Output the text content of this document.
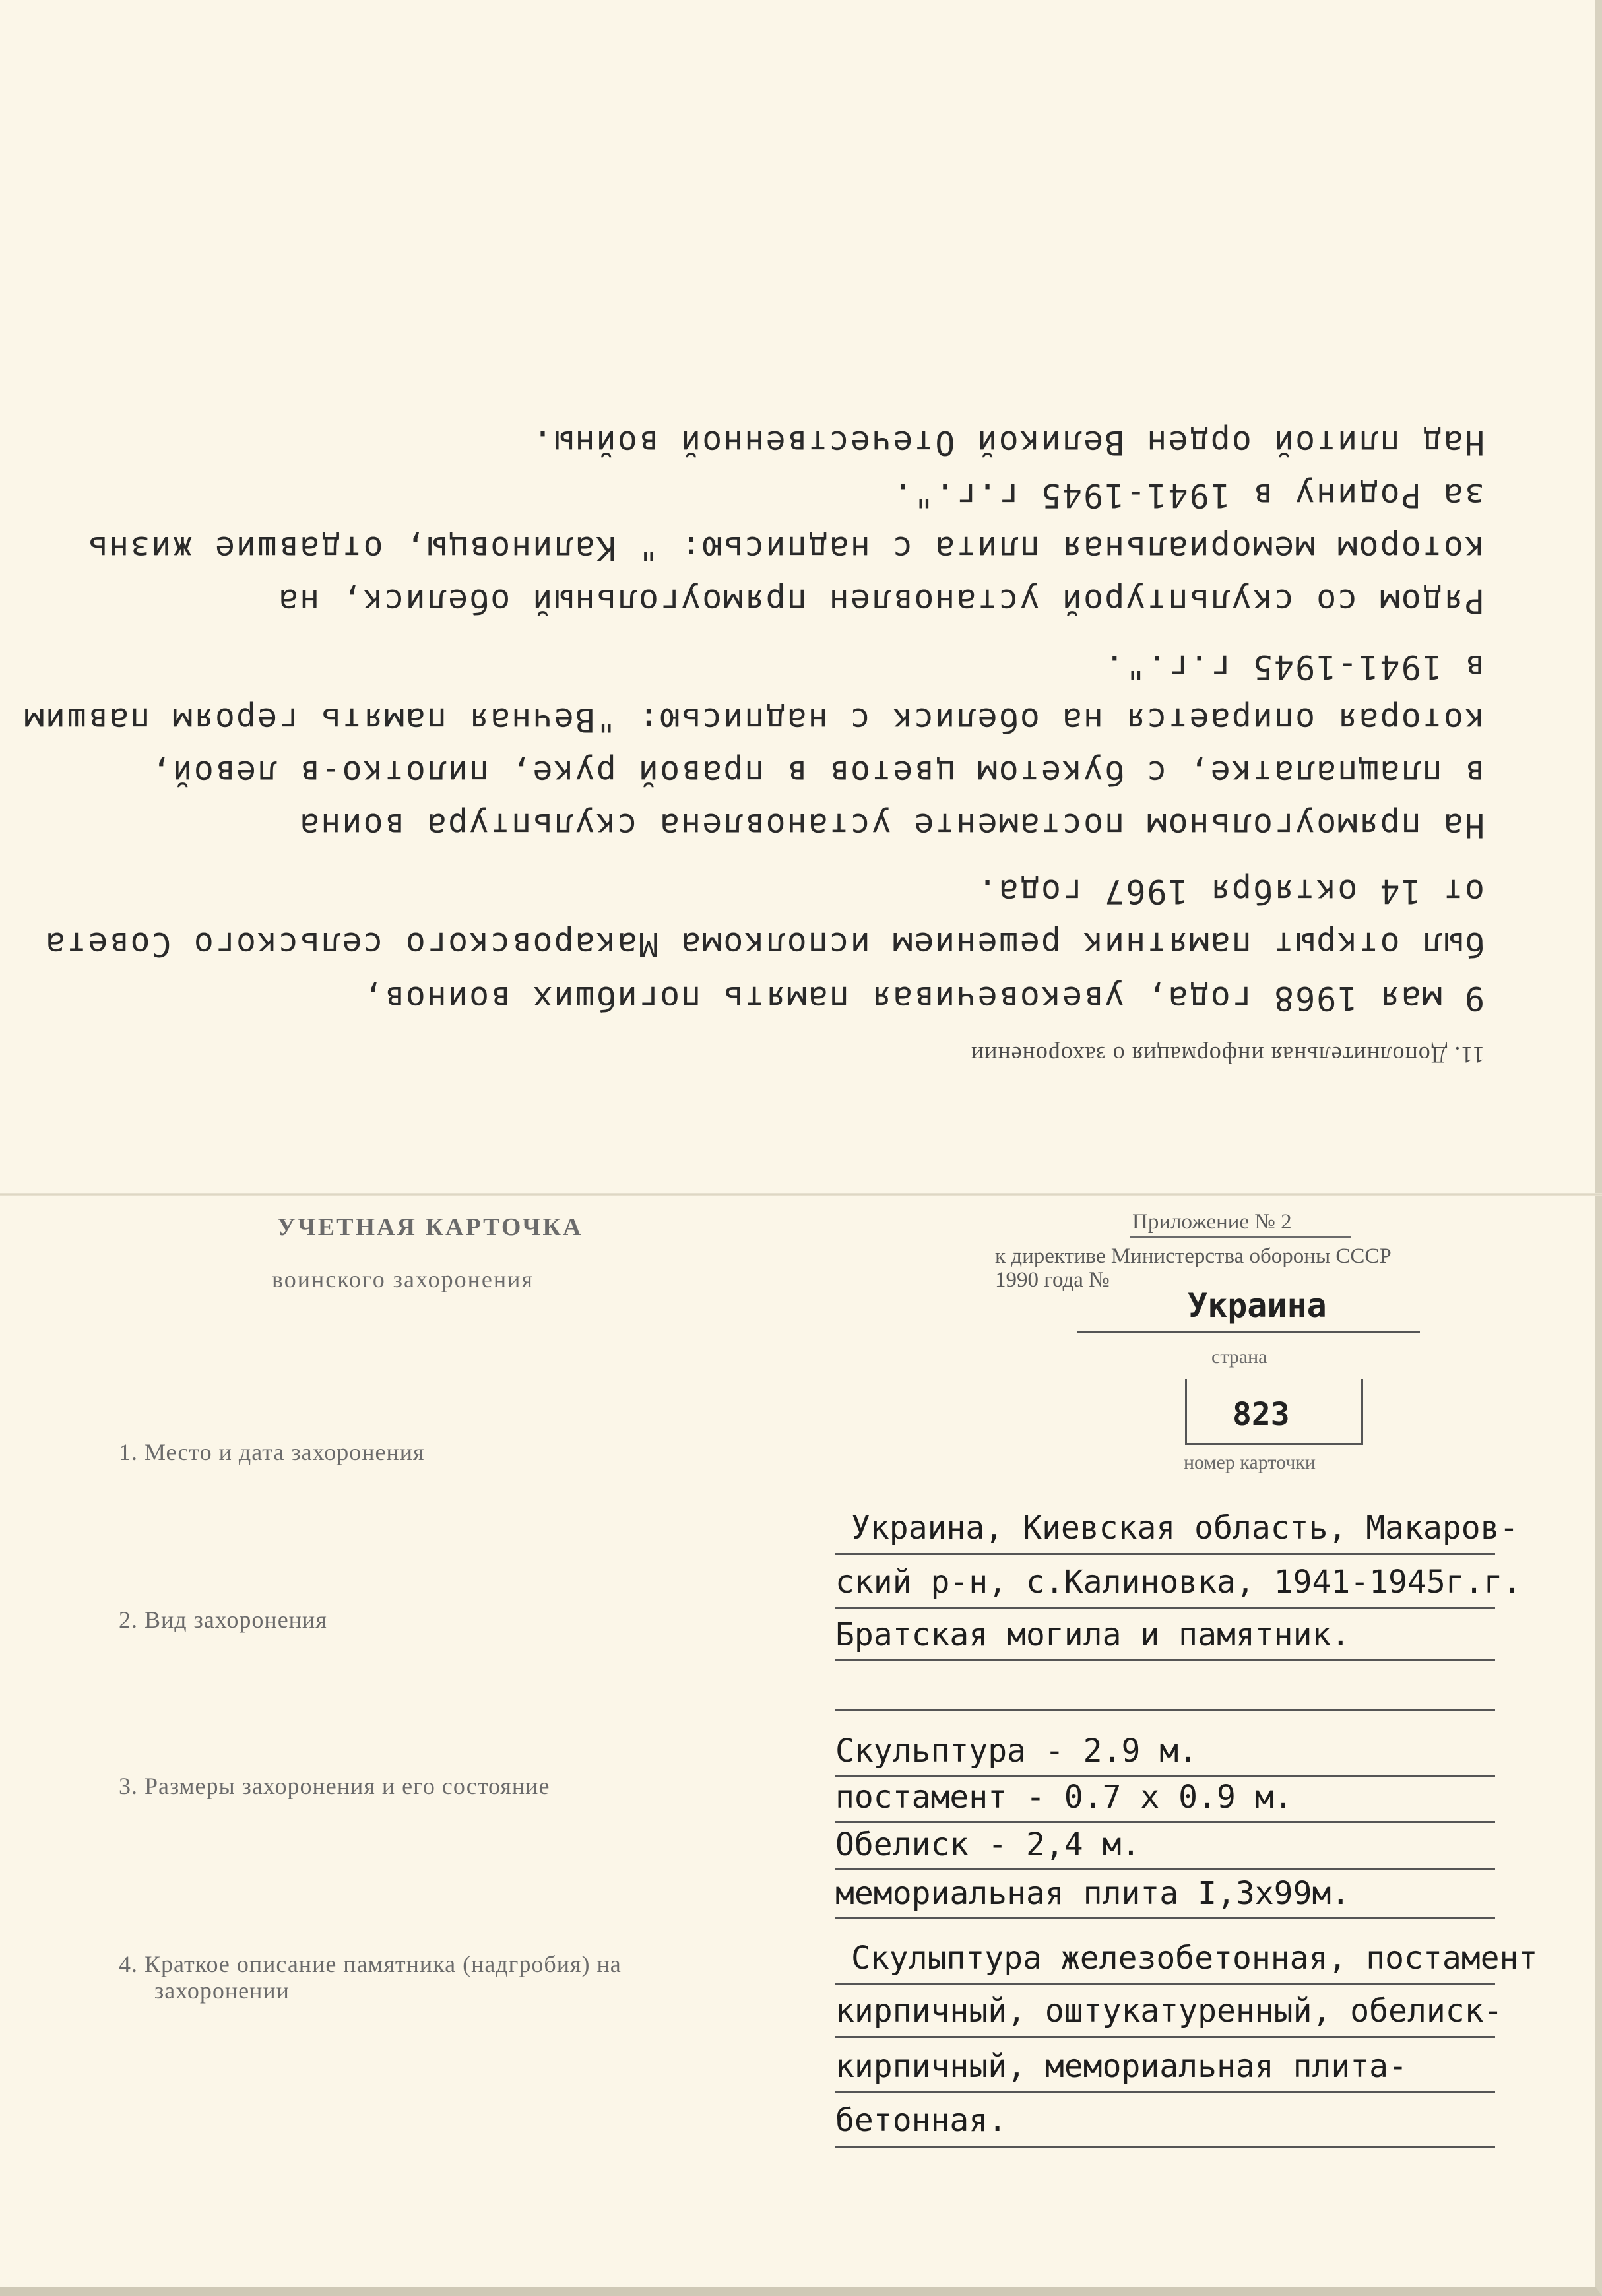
11. Дополнительная информация о захоронении
9 мая 1968 года, увековечивая память погибших воинов,
был открыт памятник решением исполкома Макаровского сельского Совета
от 14 октября 1967 года.
На прямоугольном постаменте установлена скульптура воина
в плащпалатке, с букетом цветов в правой руке, пилотко-в левой,
которая опирается на обелиск с надписью: "Вечная память героям павшим
в 1941-1945 г.г.".
Рядом со скульптурой установлен прямоугольный обелиск, на
котором мемориальная плита с надписью: " Калиновцы, отдавшие жизнь
за Родину в 1941-1945 г.г.".
Над плитой орден Великой Отечественной войны.
УЧЕТНАЯ КАРТОЧКА
воинского захоронения
Приложение № 2
к директиве Министерства обороны СССР
1990 года №
Украина
страна
823
номер карточки
1. Место и дата захоронения
Украина, Киевская область, Макаров-
ский р-н, с.Калиновка, 1941-1945г.г.
2. Вид захоронения	Братская могила и памятник.
3. Размеры захоронения и его состояние
Скульптура - 2.9 м.
постамент - 0.7 x 0.9 м.
Обелиск - 2,4 м.
мемориальная плита I,3x99м.
4. Краткое описание памятника (надгробия) на
захоронении
Скулыптура железобетонная, постамент
кирпичный, оштукатуренный, обелиск-
кирпичный, мемориальная плита-
бетонная.
